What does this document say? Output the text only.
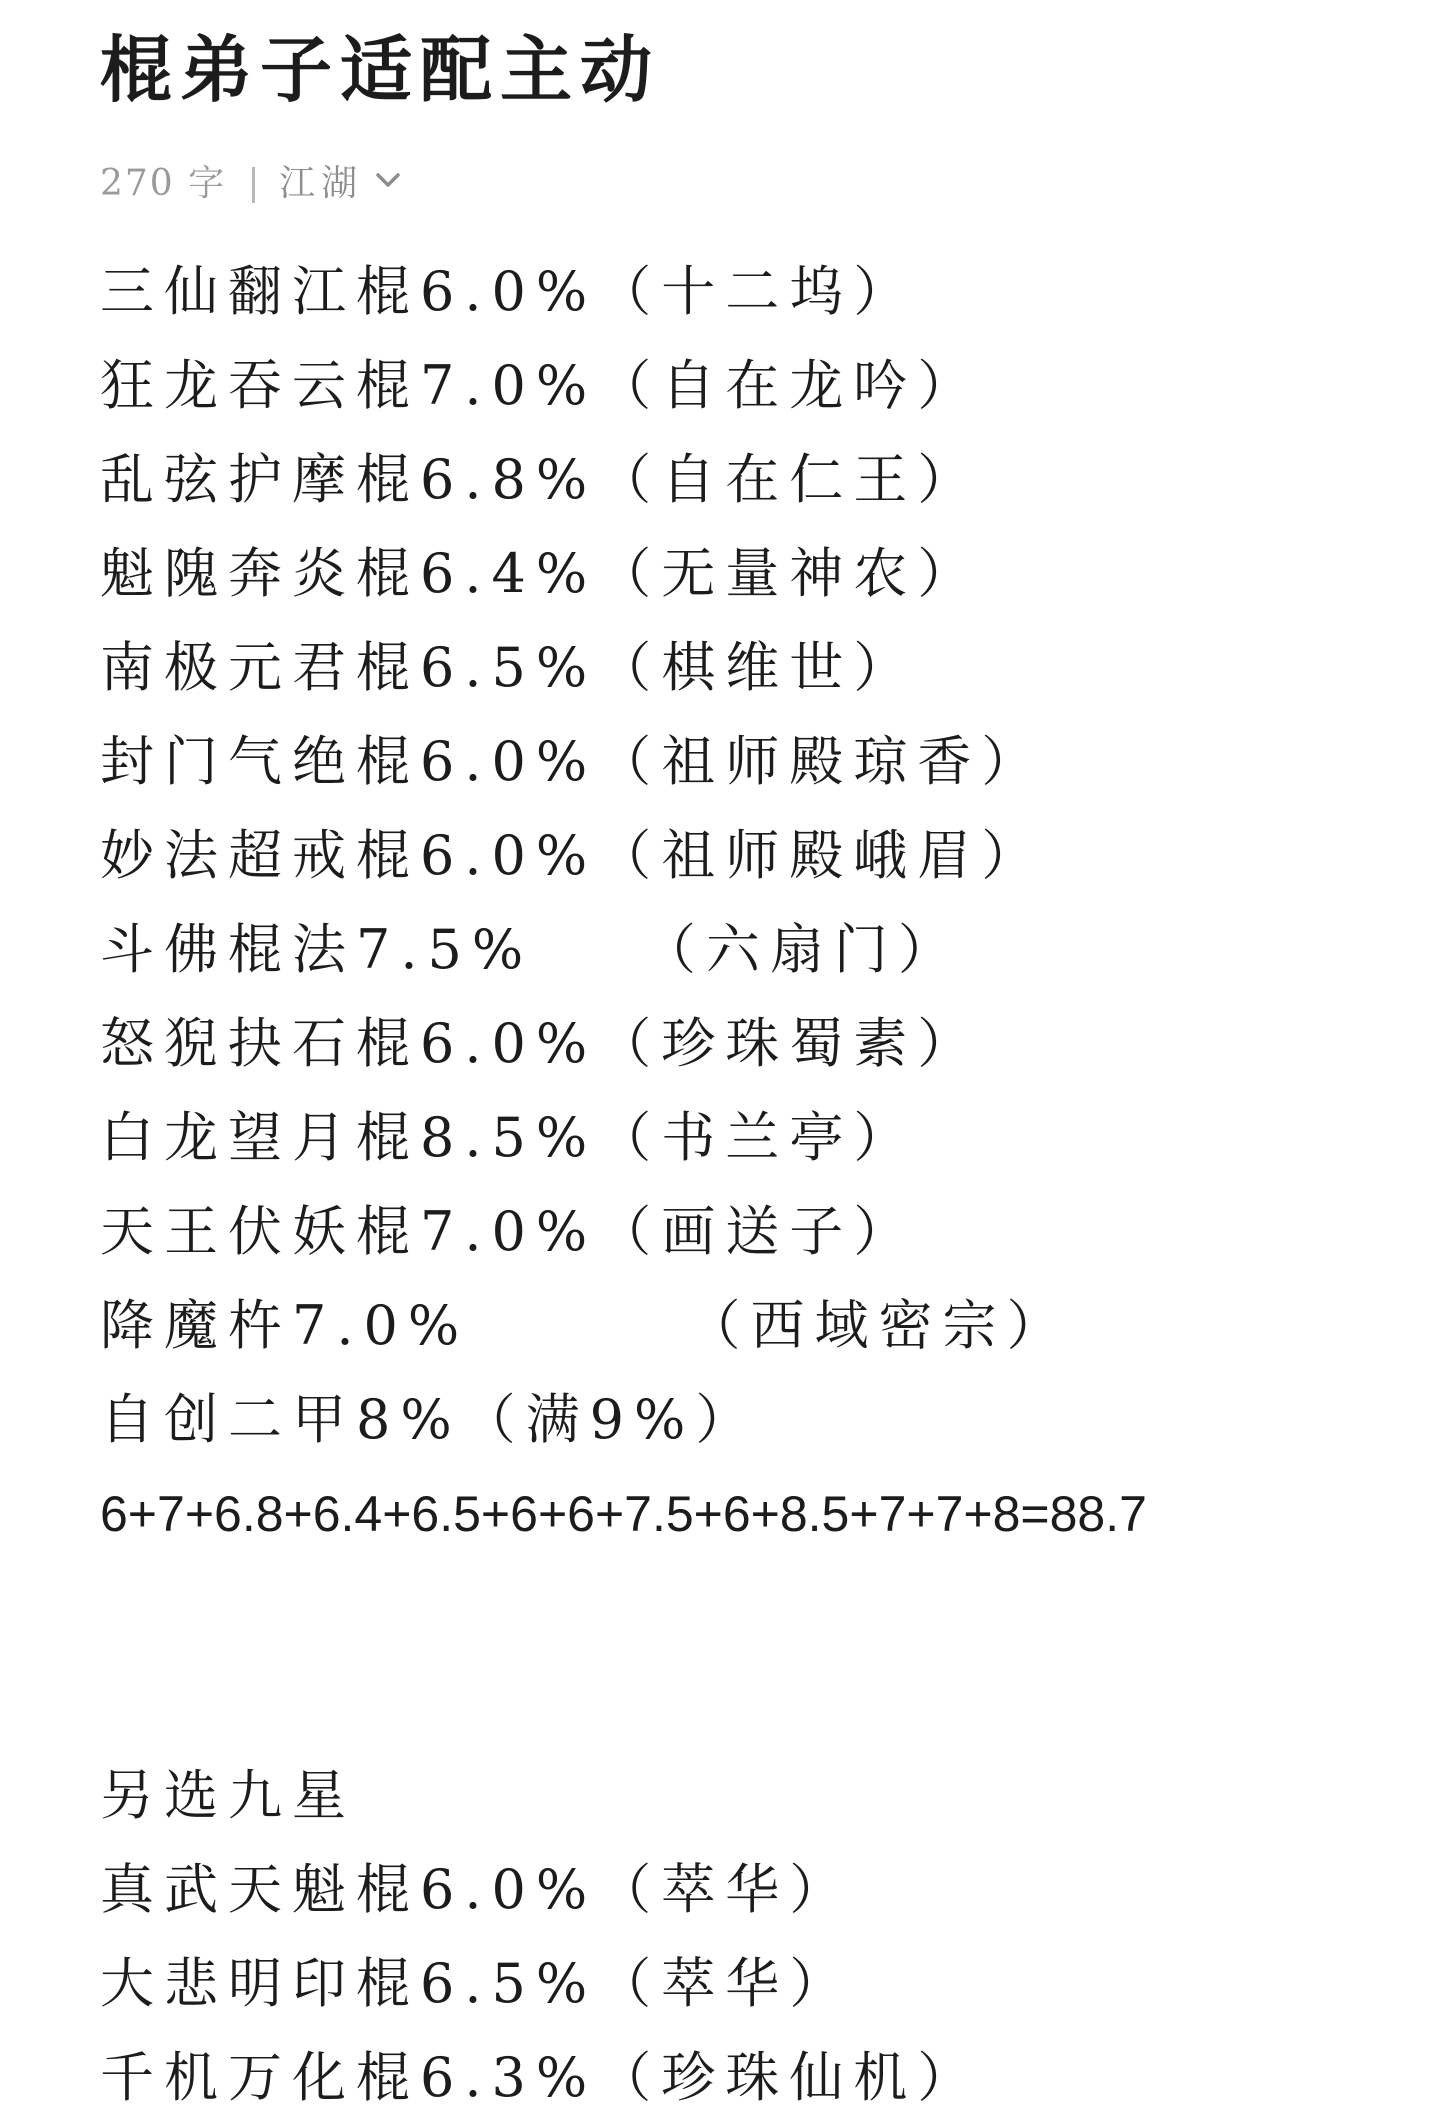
棍弟子适配主动
270 字 江湖
三仙翻江棍6.0%（十二坞）
狂龙吞云棍7.0%（自在龙吟）
乱弦护摩棍6.8%（自在仁王）
魁隗奔炎棍6.4%（无量神农）
南极元君棍6.5%（棋维世）
封门气绝棍6.0%（祖师殿琼香）
妙法超戒棍6.0%（祖师殿峨眉）
斗佛棍法7.5%    （六扇门）
怒猊抉石棍6.0%（珍珠蜀素）
白龙望月棍8.5%（书兰亭）
天王伏妖棍7.0%（画送子）
降魔杵7.0%        （西域密宗）
自创二甲8%（满9%）
6+7+6.8+6.4+6.5+6+6+7.5+6+8.5+7+7+8=88.7
另选九星
真武天魁棍6.0%（萃华）
大悲明印棍6.5%（萃华）
千机万化棍6.3%（珍珠仙机）
